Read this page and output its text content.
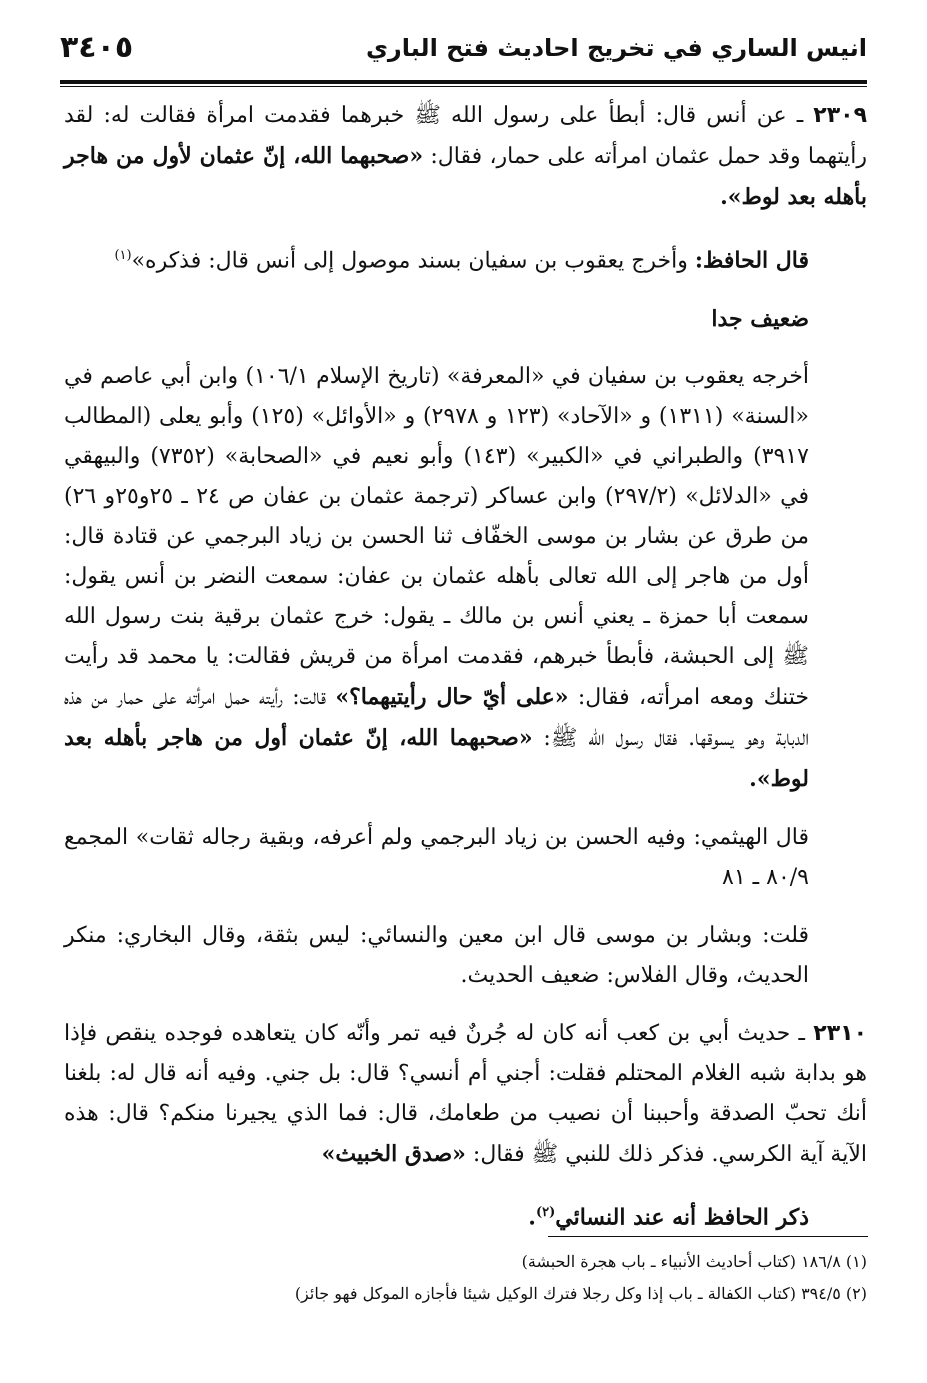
انيس الساري في تخريج احاديث فتح الباري
٣٤٠٥

٢٣٠٩ ـ عن أنس قال: أبطأ على رسول الله ﷺ خبرهما فقدمت امرأة فقالت له: لقد رأيتهما وقد حمل عثمان امرأته على حمار، فقال: «صحبهما الله، إنّ عثمان لأول من هاجر بأهله بعد لوط».

قال الحافظ: وأخرج يعقوب بن سفيان بسند موصول إلى أنس قال: فذكره»$^{(١)}$

ضعيف جدا

أخرجه يعقوب بن سفيان في «المعرفة» (تاريخ الإسلام ١٠٦/١) وابن أبي عاصم في «السنة» (١٣١١) و «الآحاد» (١٢٣ و ٢٩٧٨) و «الأوائل» (١٢٥) وأبو يعلى (المطالب ٣٩١٧) والطبراني في «الكبير» (١٤٣) وأبو نعيم في «الصحابة» (٧٣٥٢) والبيهقي في «الدلائل» (٢٩٧/٢) وابن عساكر (ترجمة عثمان بن عفان ص ٢٤ ـ ٢٥و٢٥و ٢٦) من طرق عن بشار بن موسى الخفّاف ثنا الحسن بن زياد البرجمي عن قتادة قال: أول من هاجر إلى الله تعالى بأهله عثمان بن عفان: سمعت النضر بن أنس يقول: سمعت أبا حمزة ـ يعني أنس بن مالك ـ يقول: خرج عثمان برقية بنت رسول الله ﷺ إلى الحبشة، فأبطأ خبرهم، فقدمت امرأة من قريش فقالت: يا محمد قد رأيت ختنك ومعه امرأته، فقال: «على أيّ حال رأيتيهما؟» قالت: رأيته حمل امرأته على حمار من هذه الدبابة وهو يسوقها. فقال رسول الله ﷺ: «صحبهما الله، إنّ عثمان أول من هاجر بأهله بعد لوط».

قال الهيثمي: وفيه الحسن بن زياد البرجمي ولم أعرفه، وبقية رجاله ثقات» المجمع ٨٠/٩ ـ ٨١

قلت: وبشار بن موسى قال ابن معين والنسائي: ليس بثقة، وقال البخاري: منكر الحديث، وقال الفلاس: ضعيف الحديث.

٢٣١٠ ـ حديث أبي بن كعب أنه كان له جُرنٌ فيه تمر وأنّه كان يتعاهده فوجده ينقص فإذا هو بدابة شبه الغلام المحتلم فقلت: أجني أم أنسي؟ قال: بل جني. وفيه أنه قال له: بلغنا أنك تحبّ الصدقة وأحببنا أن نصيب من طعامك، قال: فما الذي يجيرنا منكم؟ قال: هذه الآية آية الكرسي. فذكر ذلك للنبي ﷺ فقال: «صدق الخبيث»

ذكر الحافظ أنه عند النسائي$^{(٢)}$.

(١) ١٨٦/٨ (كتاب أحاديث الأنبياء ـ باب هجرة الحبشة)
(٢) ٣٩٤/٥ (كتاب الكفالة ـ باب إذا وكل رجلا فترك الوكيل شيئا فأجازه الموكل فهو جائز)
